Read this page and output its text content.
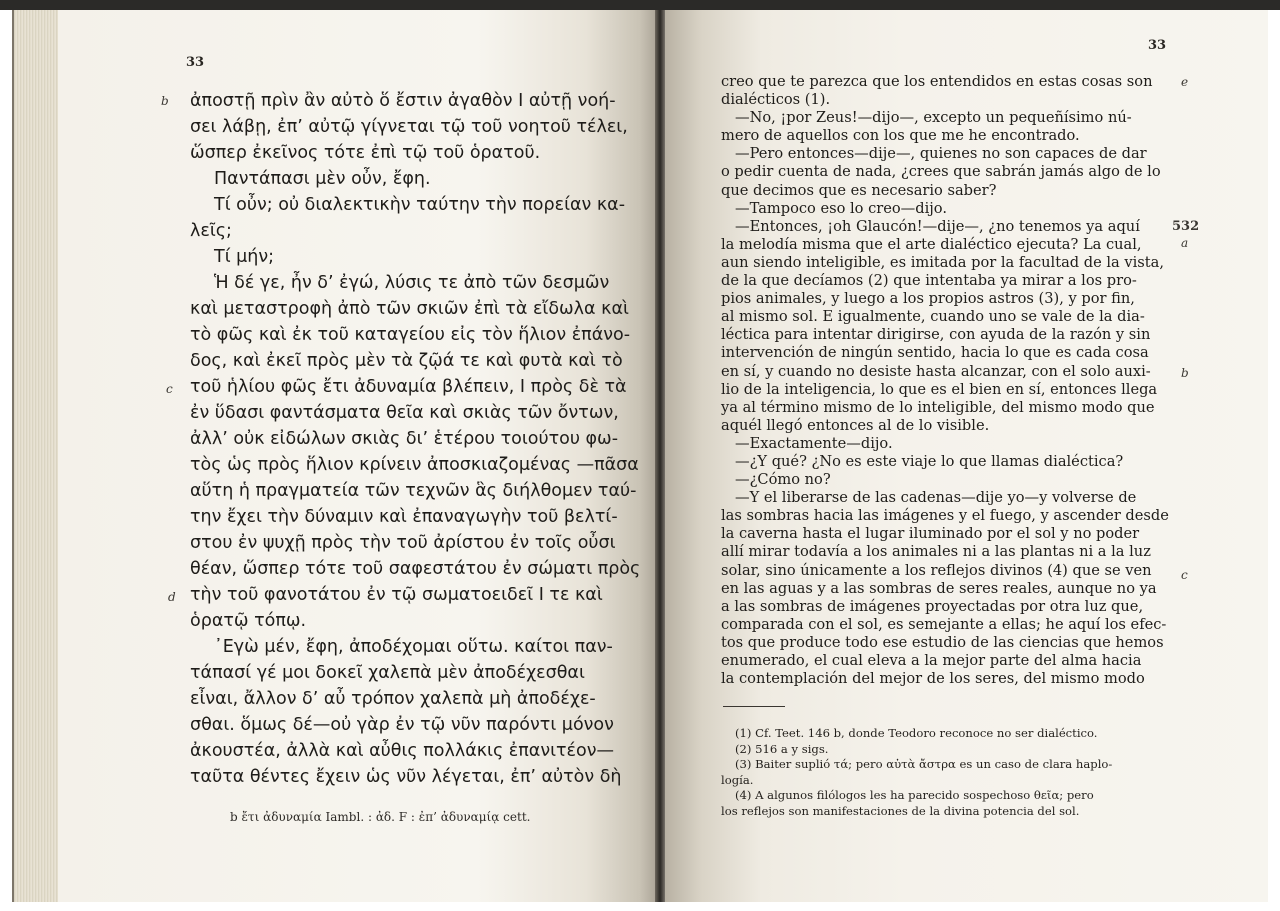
33
b
c
d
ἀποστῇ πρὶν ἂν αὐτὸ ὅ ἔστιν ἀγαθὸν Ι αὐτῇ νοή-
σει λάβῃ, ἐπ’ αὐτῷ γίγνεται τῷ τοῦ νοητοῦ τέλει,
ὥσπερ ἐκεῖνος τότε ἐπὶ τῷ τοῦ ὁρατοῦ.
Παντάπασι μὲν οὖν, ἔφη.
Τί οὖν; οὐ διαλεκτικὴν ταύτην τὴν πορείαν κα-
λεῖς;
Τί μήν;
Ἡ δέ γε, ἦν δ’ ἐγώ, λύσις τε ἀπὸ τῶν δεσμῶν
καὶ μεταστροφὴ ἀπὸ τῶν σκιῶν ἐπὶ τὰ εἴδωλα καὶ
τὸ φῶς καὶ ἐκ τοῦ καταγείου εἰς τὸν ἥλιον ἐπάνο-
δος, καὶ ἐκεῖ πρὸς μὲν τὰ ζῷά τε καὶ φυτὰ καὶ τὸ
τοῦ ἡλίου φῶς ἔτι ἀδυναμία βλέπειν, Ι πρὸς δὲ τὰ
ἐν ὕδασι φαντάσματα θεῖα καὶ σκιὰς τῶν ὄντων,
ἀλλ’ οὐκ εἰδώλων σκιὰς δι’ ἑτέρου τοιούτου φω-
τὸς ὡς πρὸς ἥλιον κρίνειν ἀποσκιαζομένας —πᾶσα
αὕτη ἡ πραγματεία τῶν τεχνῶν ἃς διήλθομεν ταύ-
την ἔχει τὴν δύναμιν καὶ ἐπαναγωγὴν τοῦ βελτί-
στου ἐν ψυχῇ πρὸς τὴν τοῦ ἀρίστου ἐν τοῖς οὖσι
θέαν, ὥσπερ τότε τοῦ σαφεστάτου ἐν σώματι πρὸς
τὴν τοῦ φανοτάτου ἐν τῷ σωματοειδεῖ Ι τε καὶ
ὁρατῷ τόπῳ.
᾿Εγὼ μέν, ἔφη, ἀποδέχομαι οὕτω. καίτοι παν-
τάπασί γέ μοι δοκεῖ χαλεπὰ μὲν ἀποδέχεσθαι
εἶναι, ἄλλον δ’ αὖ τρόπον χαλεπὰ μὴ ἀποδέχε-
σθαι. ὅμως δέ—οὐ γὰρ ἐν τῷ νῦν παρόντι μόνον
ἀκουστέα, ἀλλὰ καὶ αὖθις πολλάκις ἐπανιτέον—
ταῦτα θέντες ἔχειν ὡς νῦν λέγεται, ἐπ’ αὐτὸν δὴ
b ἔτι ἀδυναμία Iambl. : ἀδ. F : ἐπ’ ἀδυναμίᾳ cett.
33
e
532
a
b
c
creo que te parezca que los entendidos en estas cosas son
dialécticos (1).
—No, ¡por Zeus!—dijo—, excepto un pequeñísimo nú-
mero de aquellos con los que me he encontrado.
—Pero entonces—dije—, quienes no son capaces de dar
o pedir cuenta de nada, ¿crees que sabrán jamás algo de lo
que decimos que es necesario saber?
—Tampoco eso lo creo—dijo.
—Entonces, ¡oh Glaucón!—dije—, ¿no tenemos ya aquí
la melodía misma que el arte dialéctico ejecuta? La cual,
aun siendo inteligible, es imitada por la facultad de la vista,
de la que decíamos (2) que intentaba ya mirar a los pro-
pios animales, y luego a los propios astros (3), y por fin,
al mismo sol. E igualmente, cuando uno se vale de la dia-
léctica para intentar dirigirse, con ayuda de la razón y sin
intervención de ningún sentido, hacia lo que es cada cosa
en sí, y cuando no desiste hasta alcanzar, con el solo auxi-
lio de la inteligencia, lo que es el bien en sí, entonces llega
ya al término mismo de lo inteligible, del mismo modo que
aquél llegó entonces al de lo visible.
—Exactamente—dijo.
—¿Y qué? ¿No es este viaje lo que llamas dialéctica?
—¿Cómo no?
—Y el liberarse de las cadenas—dije yo—y volverse de
las sombras hacia las imágenes y el fuego, y ascender desde
la caverna hasta el lugar iluminado por el sol y no poder
allí mirar todavía a los animales ni a las plantas ni a la luz
solar, sino únicamente a los reflejos divinos (4) que se ven
en las aguas y a las sombras de seres reales, aunque no ya
a las sombras de imágenes proyectadas por otra luz que,
comparada con el sol, es semejante a ellas; he aquí los efec-
tos que produce todo ese estudio de las ciencias que hemos
enumerado, el cual eleva a la mejor parte del alma hacia
la contemplación del mejor de los seres, del mismo modo
(1) Cf. Teet. 146 b, donde Teodoro reconoce no ser dialéctico.
(2) 516 a y sigs.
(3) Baiter suplió τά; pero αὐτὰ ἄστρα es un caso de clara haplo-
logía.
(4) A algunos filólogos les ha parecido sospechoso θεῖα; pero
los reflejos son manifestaciones de la divina potencia del sol.
